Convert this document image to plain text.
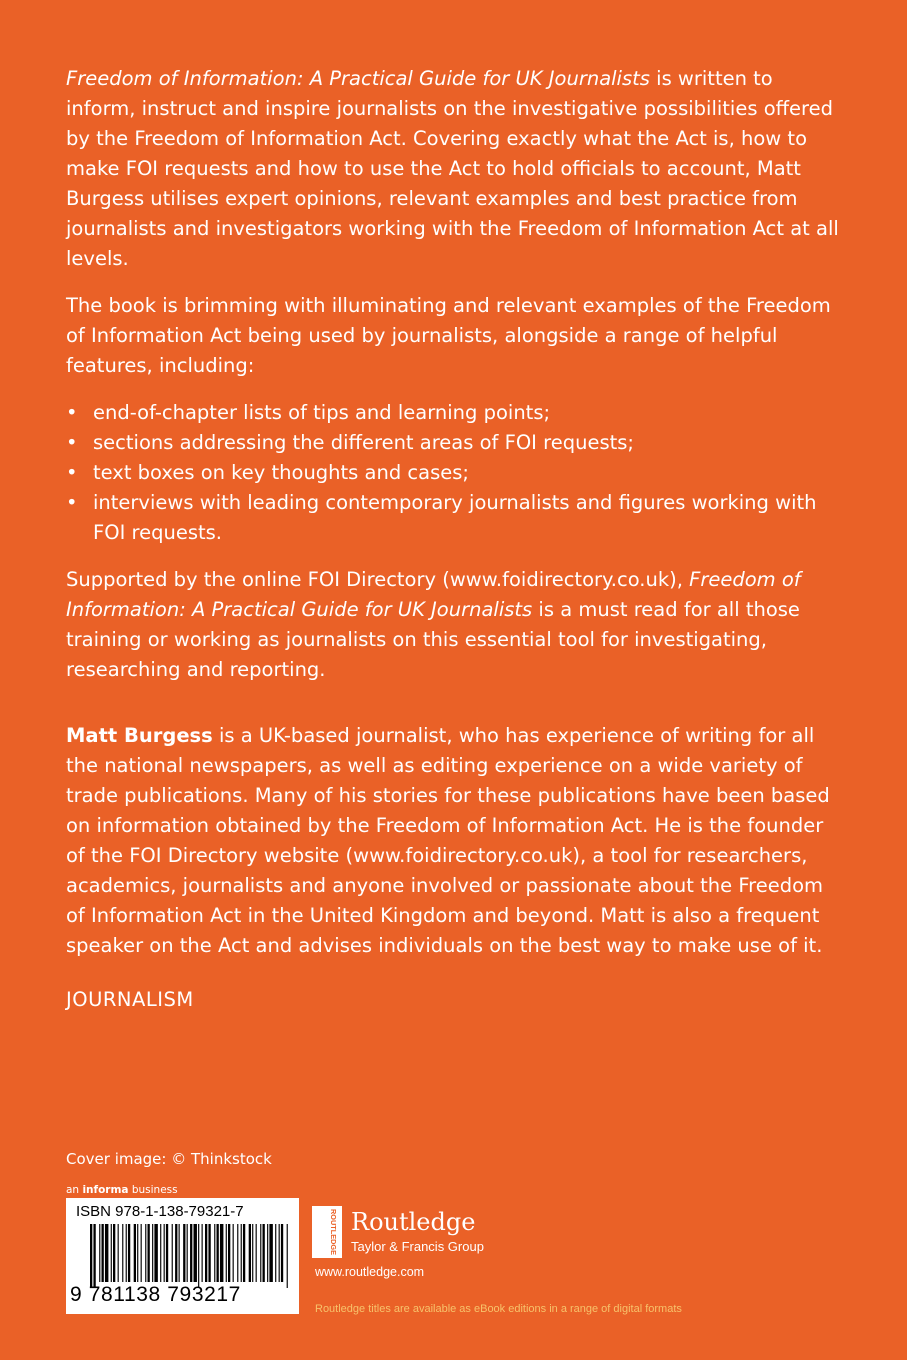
Freedom of Information: A Practical Guide for UK Journalists is written to inform, instruct and inspire journalists on the investigative possibilities offered by the Freedom of Information Act. Covering exactly what the Act is, how to make FOI requests and how to use the Act to hold officials to account, Matt Burgess utilises expert opinions, relevant examples and best practice from journalists and investigators working with the Freedom of Information Act at all levels.

The book is brimming with illuminating and relevant examples of the Freedom of Information Act being used by journalists, alongside a range of helpful features, including:

• end-of-chapter lists of tips and learning points;
• sections addressing the different areas of FOI requests;
• text boxes on key thoughts and cases;
• interviews with leading contemporary journalists and figures working with FOI requests.

Supported by the online FOI Directory (www.foidirectory.co.uk), Freedom of Information: A Practical Guide for UK Journalists is a must read for all those training or working as journalists on this essential tool for investigating, researching and reporting.

Matt Burgess is a UK-based journalist, who has experience of writing for all the national newspapers, as well as editing experience on a wide variety of trade publications. Many of his stories for these publications have been based on information obtained by the Freedom of Information Act. He is the founder of the FOI Directory website (www.foidirectory.co.uk), a tool for researchers, academics, journalists and anyone involved or passionate about the Freedom of Information Act in the United Kingdom and beyond. Matt is also a frequent speaker on the Act and advises individuals on the best way to make use of it.

JOURNALISM
Cover image: © Thinkstock
an informa business
ISBN 978-1-138-79321-7
9 781138 793217
ROUTLEDGE Routledge
Taylor & Francis Group
www.routledge.com
Routledge titles are available as eBook editions in a range of digital formats
